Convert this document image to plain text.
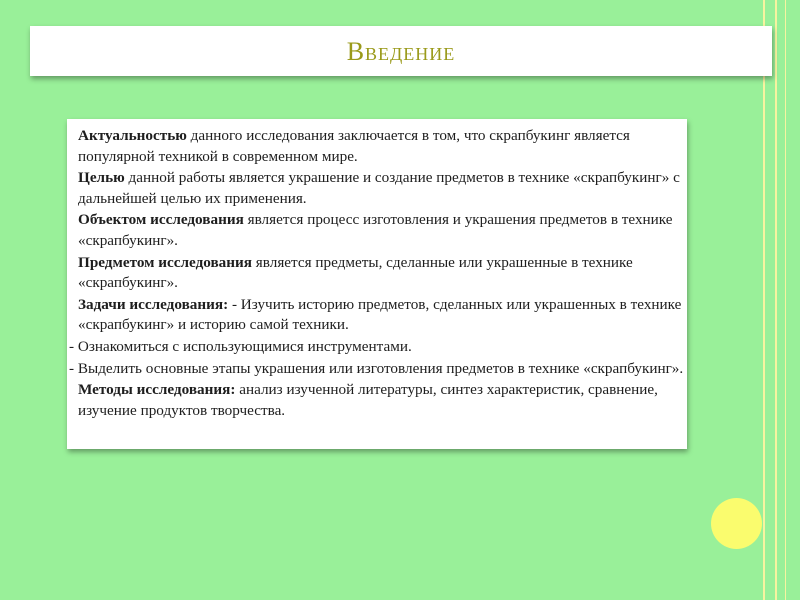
Введение

Актуальностью данного исследования заключается в том, что скрапбукинг является популярной техникой в современном мире.

Целью данной работы является украшение и создание предметов в технике «скрапбукинг» с дальнейшей целью их применения.

Объектом исследования является процесс изготовления и украшения предметов в технике «скрапбукинг».

Предметом исследования является предметы, сделанные или украшенные в технике «скрапбукинг».

Задачи исследования: - Изучить историю предметов, сделанных или украшенных в технике «скрапбукинг» и историю самой техники.

- Ознакомиться с использующимися инструментами.

- Выделить основные этапы украшения или изготовления предметов в технике «скрапбукинг».

Методы исследования: анализ изученной литературы, синтез характеристик, сравнение, изучение продуктов творчества.
